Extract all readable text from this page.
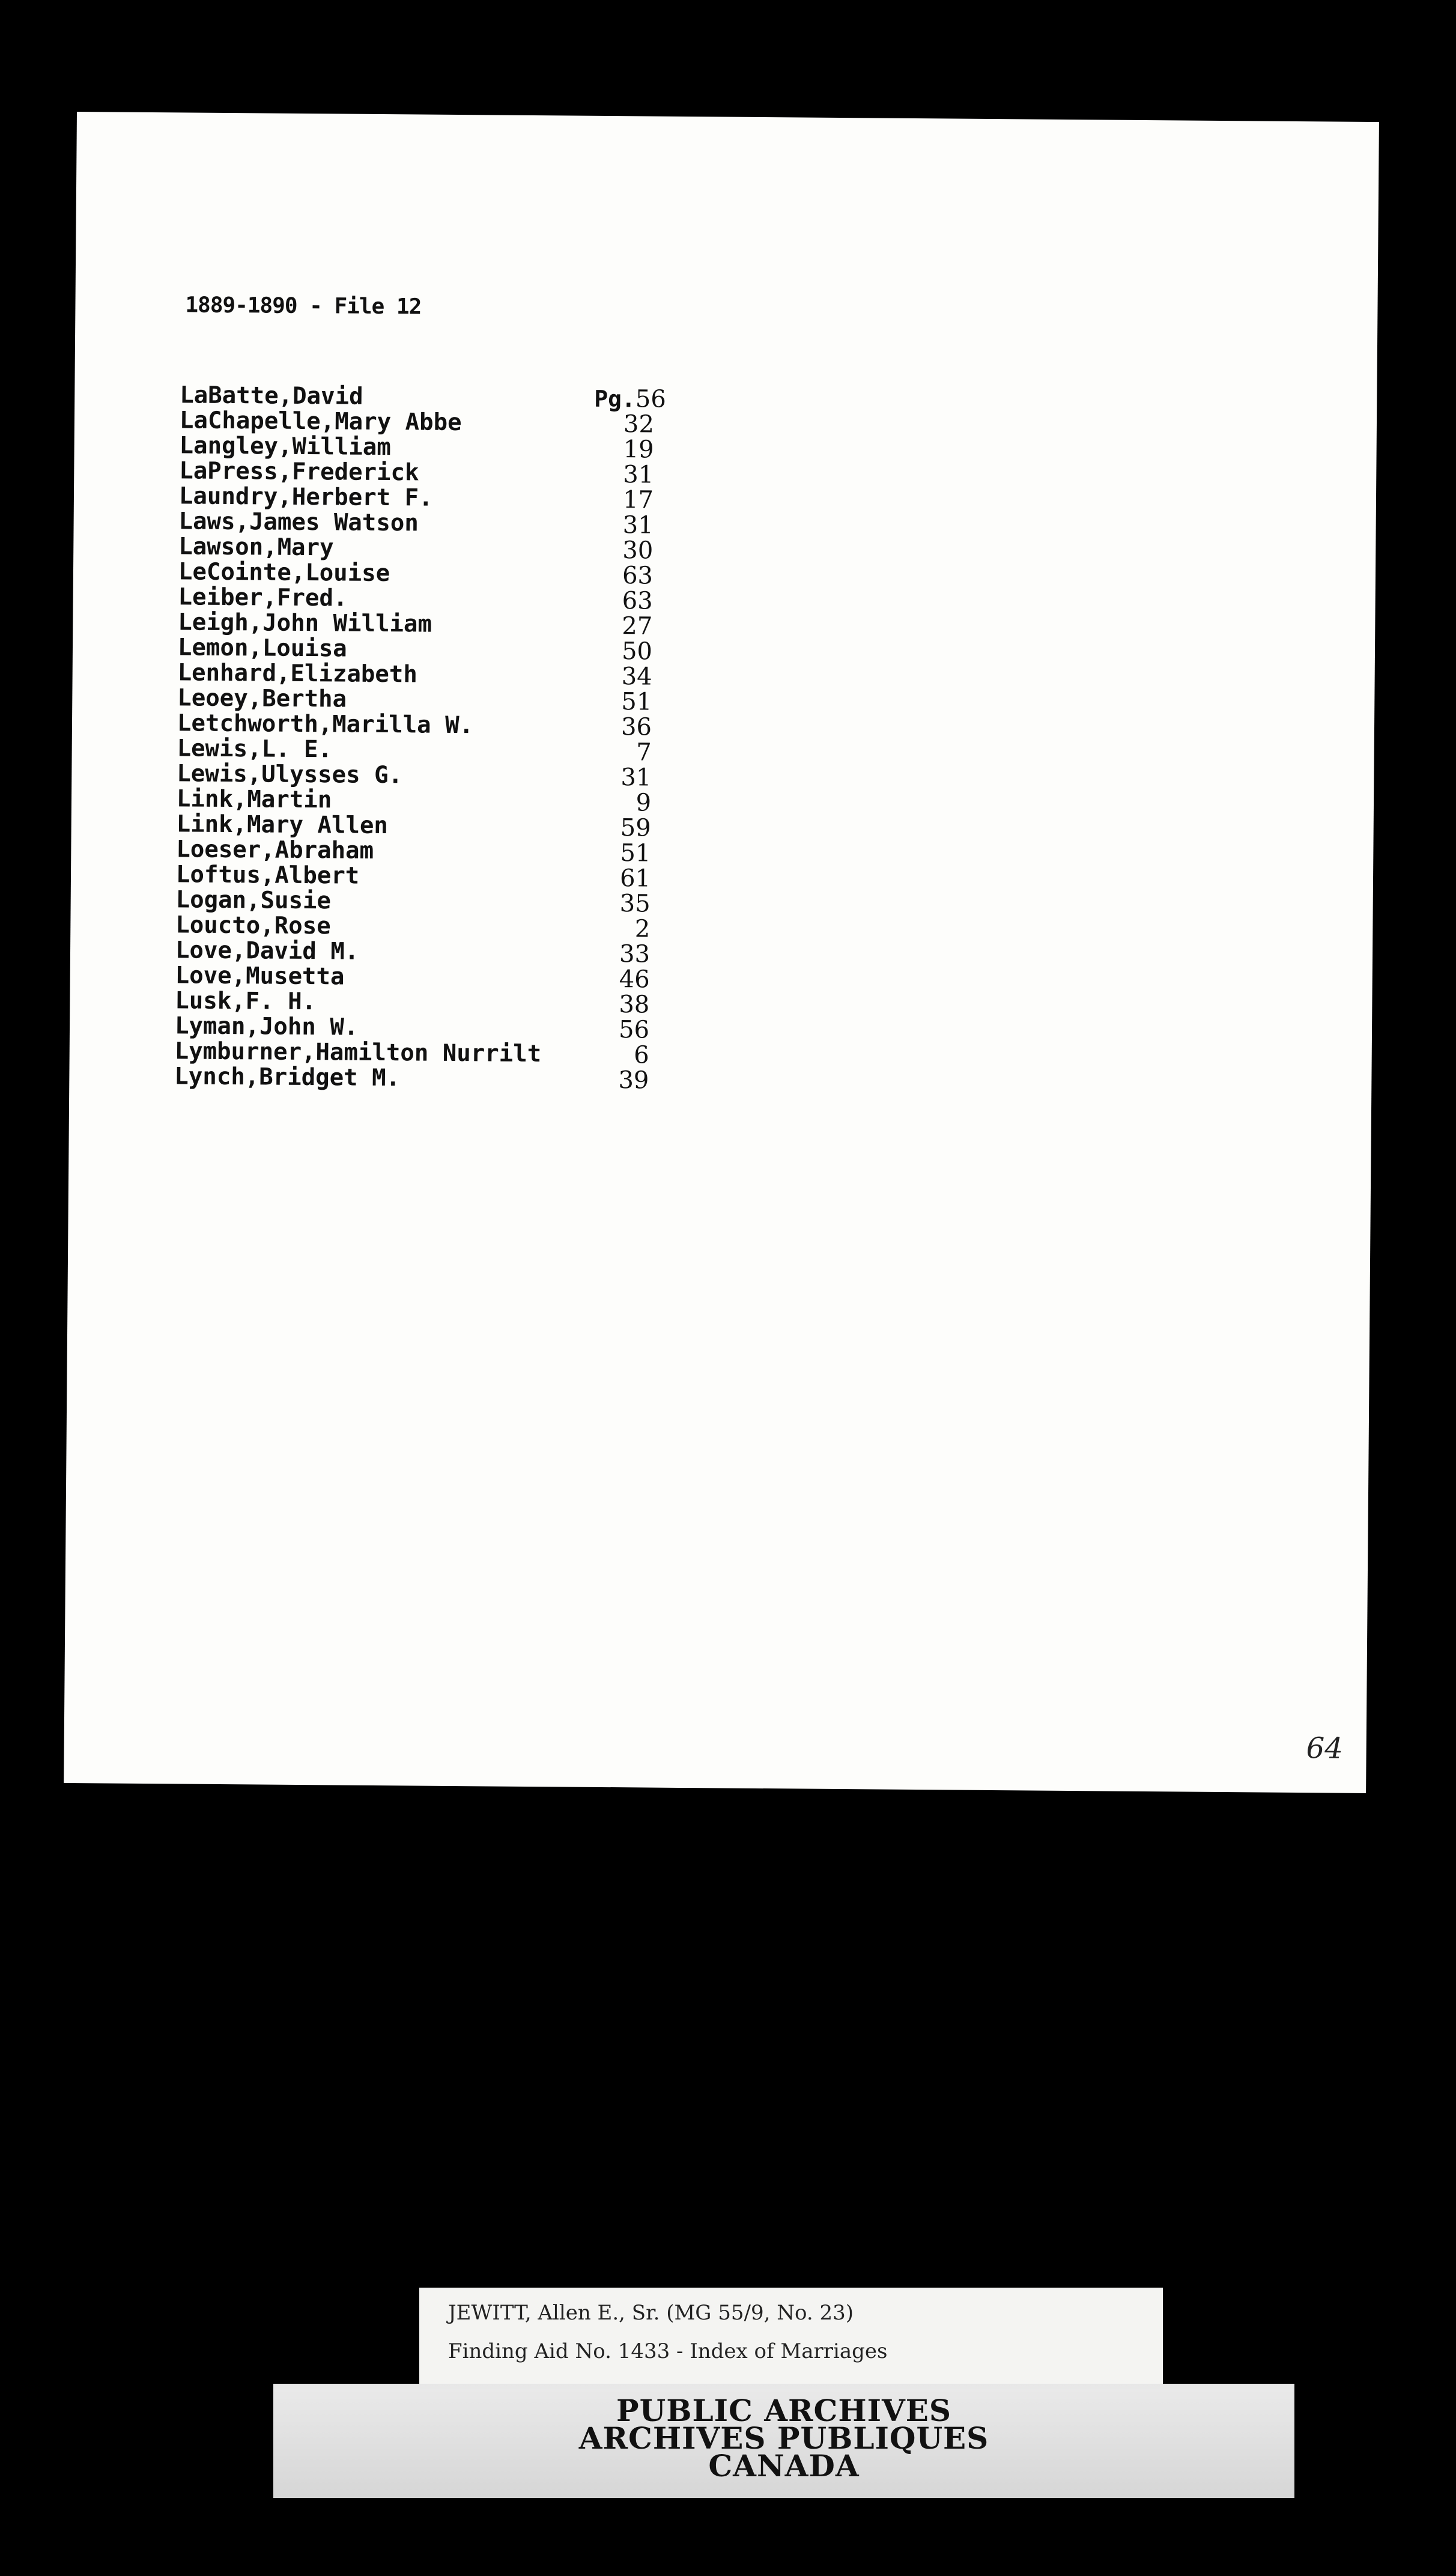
1889-1890 - File 12
LaBatte,David	Pg.56
LaChapelle,Mary Abbe	32
Langley,William	19
LaPress,Frederick	31
Laundry,Herbert F.	17
Laws,James Watson	31
Lawson,Mary	30
LeCointe,Louise	63
Leiber,Fred.	63
Leigh,John William	27
Lemon,Louisa	50
Lenhard,Elizabeth	34
Leoey,Bertha	51
Letchworth,Marilla W.	36
Lewis,L. E.	7
Lewis,Ulysses G.	31
Link,Martin	9
Link,Mary Allen	59
Loeser,Abraham	51
Loftus,Albert	61
Logan,Susie	35
Loucto,Rose	2
Love,David M.	33
Love,Musetta	46
Lusk,F. H.	38
Lyman,John W.	56
Lymburner,Hamilton Nurrilt	6
Lynch,Bridget M.	39
64
JEWITT, Allen E., Sr. (MG 55/9, No. 23)
Finding Aid No. 1433 - Index of Marriages
PUBLIC ARCHIVES
ARCHIVES PUBLIQUES
CANADA
